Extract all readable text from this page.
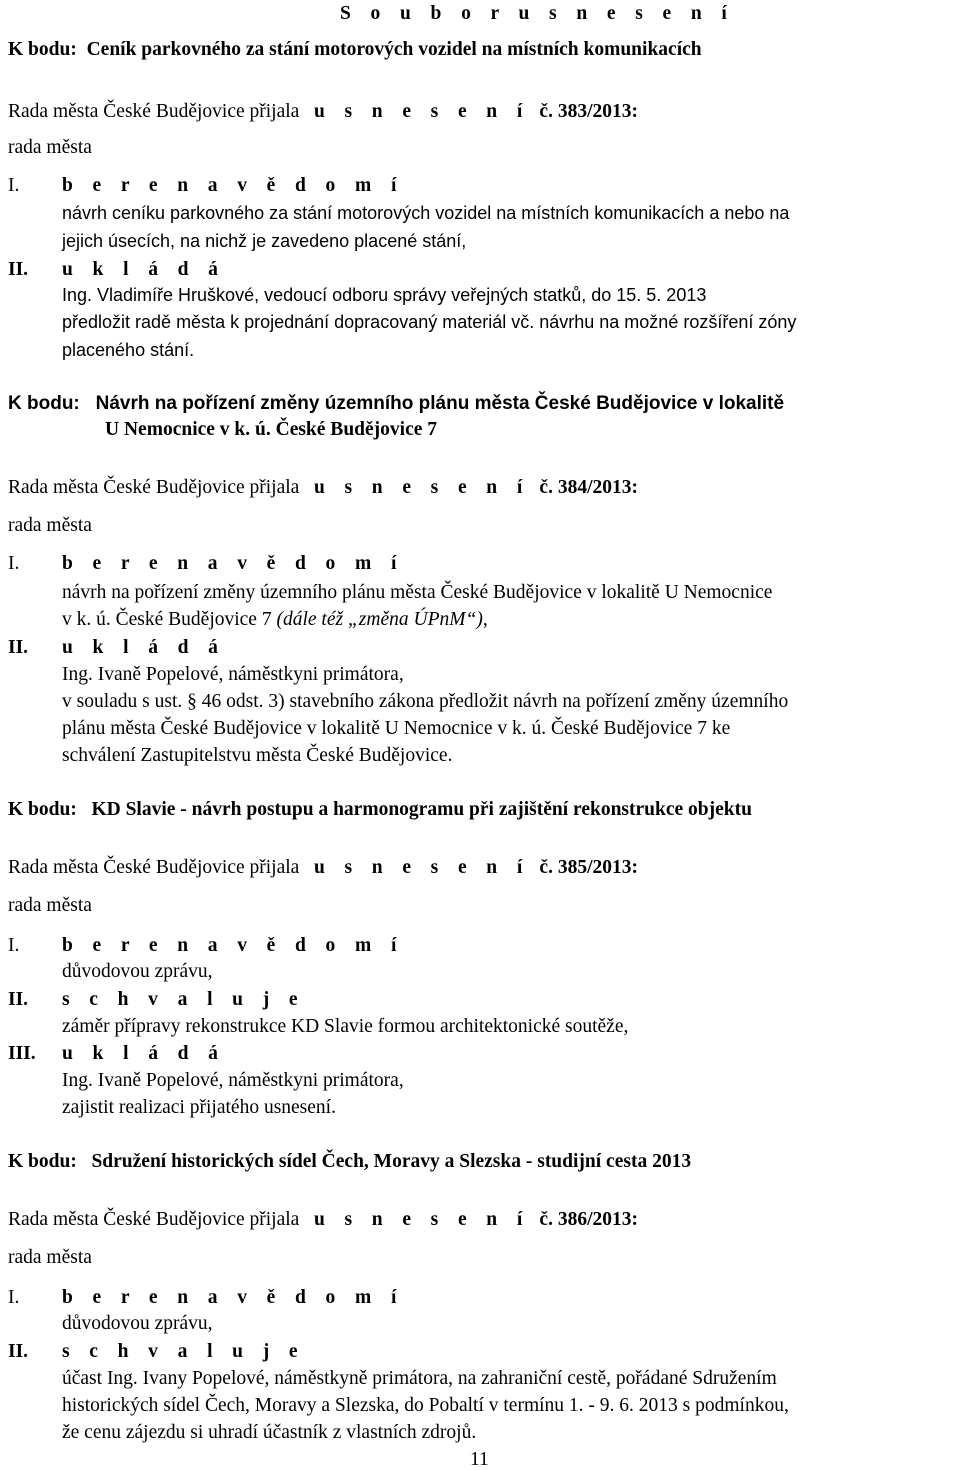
S o u b o r u s n e s e n í
K bodu: Ceník parkovného za stání motorových vozidel na místních komunikacích
Rada města České Budějovice přijala u s n e s e n í č. 383/2013:
rada města
I. b e r e n a v ě d o m í
návrh ceníku parkovného za stání motorových vozidel na místních komunikacích a nebo na
jejich úsecích, na nichž je zavedeno placené stání,
II. u k l á d á
Ing. Vladimíře Hruškové, vedoucí odboru správy veřejných statků, do 15. 5. 2013
předložit radě města k projednání dopracovaný materiál vč. návrhu na možné rozšíření zóny
placeného stání.
K bodu: Návrh na pořízení změny územního plánu města České Budějovice v lokalitě
U Nemocnice v k. ú. České Budějovice 7
Rada města České Budějovice přijala u s n e s e n í č. 384/2013:
rada města
I. b e r e n a v ě d o m í
návrh na pořízení změny územního plánu města České Budějovice v lokalitě U Nemocnice
v k. ú. České Budějovice 7 (dále též „změna ÚPnM“),
II. u k l á d á
Ing. Ivaně Popelové, náměstkyni primátora,
v souladu s ust. § 46 odst. 3) stavebního zákona předložit návrh na pořízení změny územního
plánu města České Budějovice v lokalitě U Nemocnice v k. ú. České Budějovice 7 ke
schválení Zastupitelstvu města České Budějovice.
K bodu: KD Slavie - návrh postupu a harmonogramu při zajištění rekonstrukce objektu
Rada města České Budějovice přijala u s n e s e n í č. 385/2013:
rada města
I. b e r e n a v ě d o m í
důvodovou zprávu,
II. s c h v a l u j e
záměr přípravy rekonstrukce KD Slavie formou architektonické soutěže,
III. u k l á d á
Ing. Ivaně Popelové, náměstkyni primátora,
zajistit realizaci přijatého usnesení.
K bodu: Sdružení historických sídel Čech, Moravy a Slezska - studijní cesta 2013
Rada města České Budějovice přijala u s n e s e n í č. 386/2013:
rada města
I. b e r e n a v ě d o m í
důvodovou zprávu,
II. s c h v a l u j e
účast Ing. Ivany Popelové, náměstkyně primátora, na zahraniční cestě, pořádané Sdružením
historických sídel Čech, Moravy a Slezska, do Pobaltí v termínu 1. - 9. 6. 2013 s podmínkou,
že cenu zájezdu si uhradí účastník z vlastních zdrojů.
11
